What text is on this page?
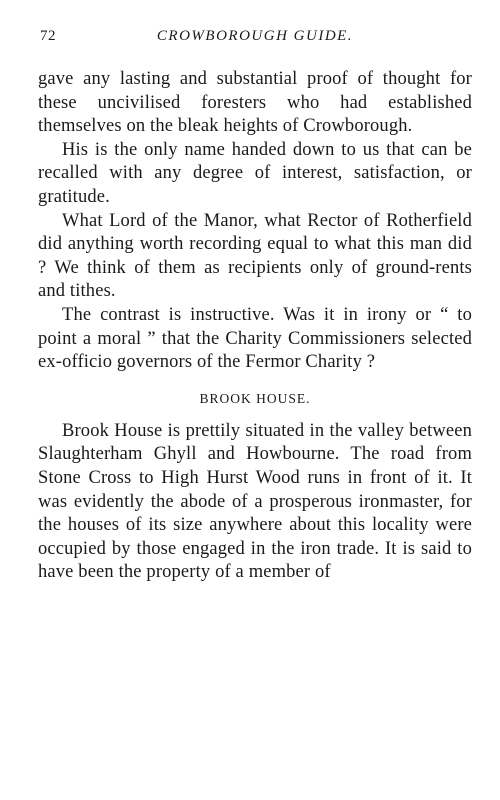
72	CROWBOROUGH GUIDE.

gave any lasting and substantial proof of thought for these uncivilised foresters who had established themselves on the bleak heights of Crowborough.

His is the only name handed down to us that can be recalled with any degree of interest, satisfaction, or gratitude.

What Lord of the Manor, what Rector of Rotherfield did anything worth recording equal to what this man did ? We think of them as recipients only of ground-rents and tithes.

The contrast is instructive. Was it in irony or “ to point a moral ” that the Charity Commissioners selected ex-officio governors of the Fermor Charity ?

BROOK HOUSE.

Brook House is prettily situated in the valley between Slaughterham Ghyll and Howbourne. The road from Stone Cross to High Hurst Wood runs in front of it. It was evidently the abode of a prosperous ironmaster, for the houses of its size anywhere about this locality were occupied by those engaged in the iron trade. It is said to have been the property of a member of
